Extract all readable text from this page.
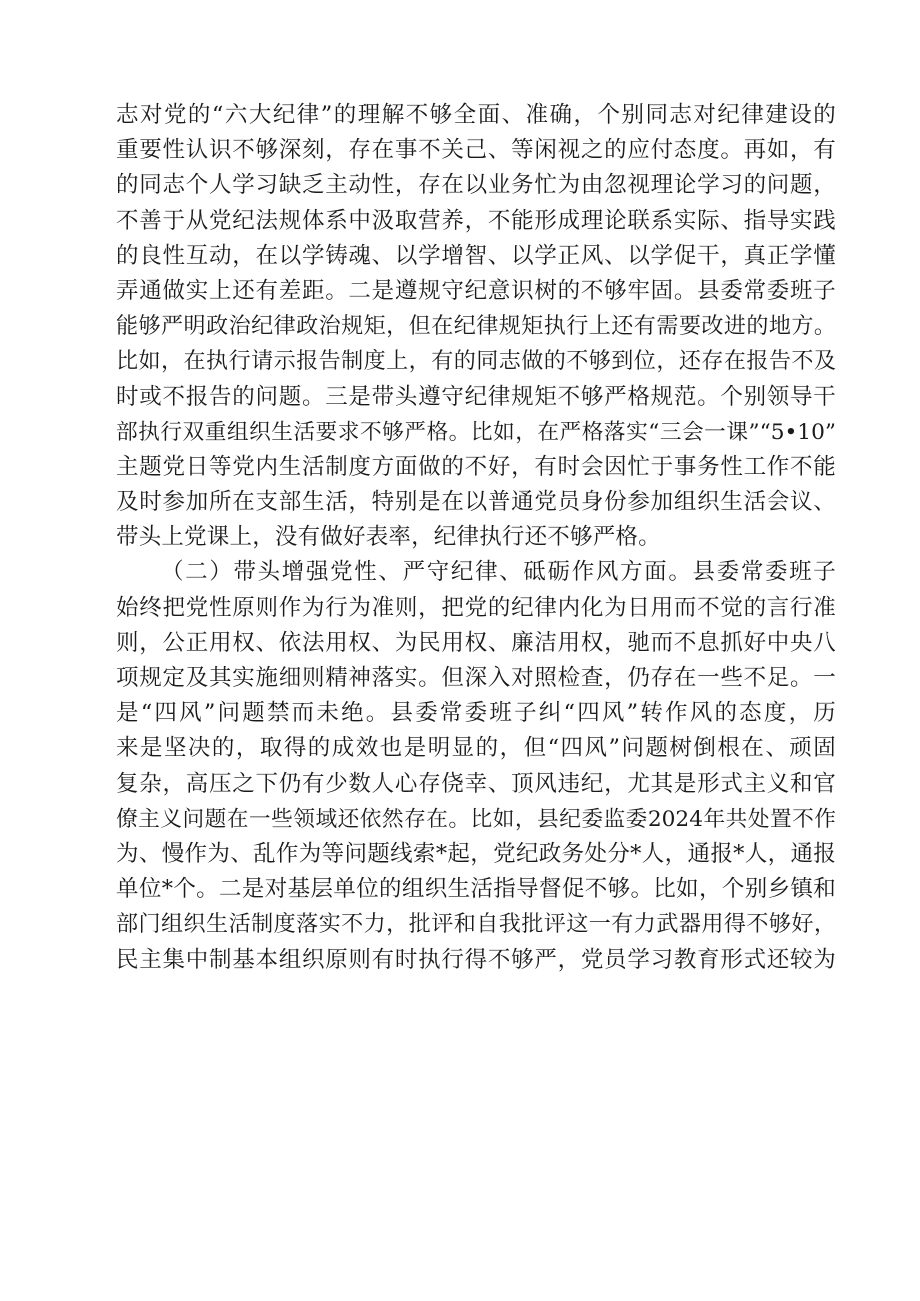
志对党的“六大纪律”的理解不够全面、准确，个别同志对纪律建设的
重要性认识不够深刻，存在事不关己、等闲视之的应付态度。再如，有
的同志个人学习缺乏主动性，存在以业务忙为由忽视理论学习的问题，
不善于从党纪法规体系中汲取营养，不能形成理论联系实际、指导实践
的良性互动，在以学铸魂、以学增智、以学正风、以学促干，真正学懂
弄通做实上还有差距。二是遵规守纪意识树的不够牢固。县委常委班子
能够严明政治纪律政治规矩，但在纪律规矩执行上还有需要改进的地方。
比如，在执行请示报告制度上，有的同志做的不够到位，还存在报告不及
时或不报告的问题。三是带头遵守纪律规矩不够严格规范。个别领导干
部执行双重组织生活要求不够严格。比如，在严格落实“三会一课”“5•10”
主题党日等党内生活制度方面做的不好，有时会因忙于事务性工作不能
及时参加所在支部生活，特别是在以普通党员身份参加组织生活会议、
带头上党课上，没有做好表率，纪律执行还不够严格。
（二）带头增强党性、严守纪律、砥砺作风方面。县委常委班子
始终把党性原则作为行为准则，把党的纪律内化为日用而不觉的言行准
则，公正用权、依法用权、为民用权、廉洁用权，驰而不息抓好中央八
项规定及其实施细则精神落实。但深入对照检查，仍存在一些不足。一
是“四风”问题禁而未绝。县委常委班子纠“四风”转作风的态度，历
来是坚决的，取得的成效也是明显的，但“四风”问题树倒根在、顽固
复杂，高压之下仍有少数人心存侥幸、顶风违纪，尤其是形式主义和官
僚主义问题在一些领域还依然存在。比如，县纪委监委2024年共处置不作
为、慢作为、乱作为等问题线索*起，党纪政务处分*人，通报*人，通报
单位*个。二是对基层单位的组织生活指导督促不够。比如，个别乡镇和
部门组织生活制度落实不力，批评和自我批评这一有力武器用得不够好，
民主集中制基本组织原则有时执行得不够严，党员学习教育形式还较为
